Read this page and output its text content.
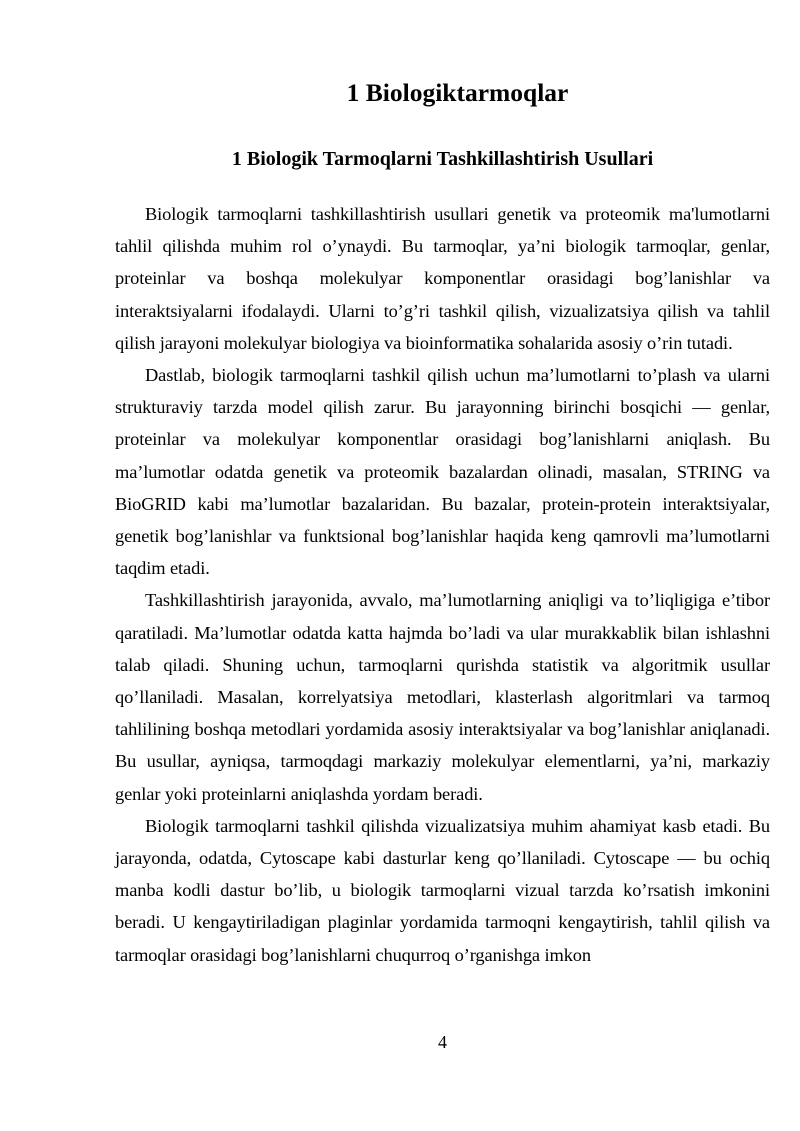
1 Biologiktarmoqlar
1 Biologik Tarmoqlarni Tashkillashtirish Usullari

Biologik tarmoqlarni tashkillashtirish usullari genetik va proteomik ma'lumotlarni tahlil qilishda muhim rol o’ynaydi. Bu tarmoqlar, ya’ni biologik tarmoqlar, genlar, proteinlar va boshqa molekulyar komponentlar orasidagi bog’lanishlar va interaktsiyalarni ifodalaydi. Ularni to’g’ri tashkil qilish, vizualizatsiya qilish va tahlil qilish jarayoni molekulyar biologiya va bioinformatika sohalarida asosiy o’rin tutadi.

Dastlab, biologik tarmoqlarni tashkil qilish uchun ma’lumotlarni to’plash va ularni strukturaviy tarzda model qilish zarur. Bu jarayonning birinchi bosqichi — genlar, proteinlar va molekulyar komponentlar orasidagi bog’lanishlarni aniqlash. Bu ma’lumotlar odatda genetik va proteomik bazalardan olinadi, masalan, STRING va BioGRID kabi ma’lumotlar bazalaridan. Bu bazalar, protein-protein interaktsiyalar, genetik bog’lanishlar va funktsional bog’lanishlar haqida keng qamrovli ma’lumotlarni taqdim etadi.

Tashkillashtirish jarayonida, avvalo, ma’lumotlarning aniqligi va to’liqligiga e’tibor qaratiladi. Ma’lumotlar odatda katta hajmda bo’ladi va ular murakkablik bilan ishlashni talab qiladi. Shuning uchun, tarmoqlarni qurishda statistik va algoritmik usullar qo’llaniladi. Masalan, korrelyatsiya metodlari, klasterlash algoritmlari va tarmoq tahlilining boshqa metodlari yordamida asosiy interaktsiyalar va bog’lanishlar aniqlanadi. Bu usullar, ayniqsa, tarmoqdagi markaziy molekulyar elementlarni, ya’ni, markaziy genlar yoki proteinlarni aniqlashda yordam beradi.

Biologik tarmoqlarni tashkil qilishda vizualizatsiya muhim ahamiyat kasb etadi. Bu jarayonda, odatda, Cytoscape kabi dasturlar keng qo’llaniladi. Cytoscape — bu ochiq manba kodli dastur bo’lib, u biologik tarmoqlarni vizual tarzda ko’rsatish imkonini beradi. U kengaytiriladigan plaginlar yordamida tarmoqni kengaytirish, tahlil qilish va tarmoqlar orasidagi bog’lanishlarni chuqurroq o’rganishga imkon

4
